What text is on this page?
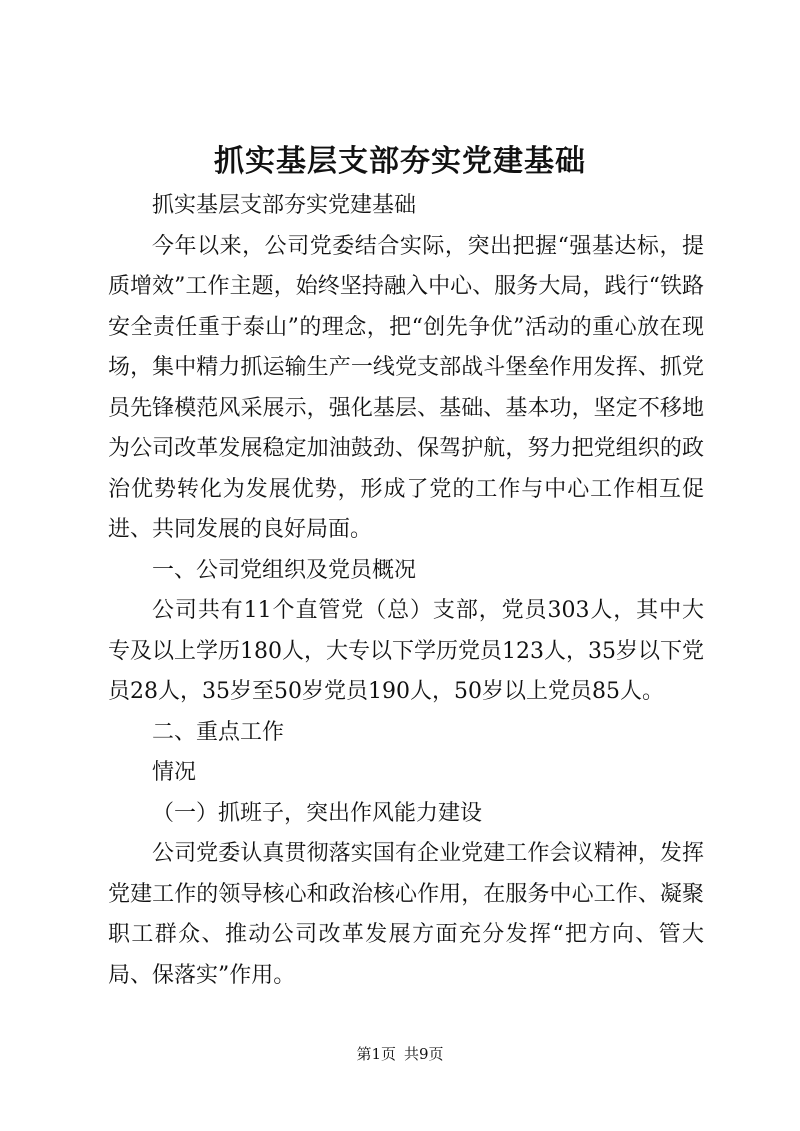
抓实基层支部夯实党建基础

抓实基层支部夯实党建基础

今年以来，公司党委结合实际，突出把握“强基达标，提质增效”工作主题，始终坚持融入中心、服务大局，践行“铁路安全责任重于泰山”的理念，把“创先争优”活动的重心放在现场，集中精力抓运输生产一线党支部战斗堡垒作用发挥、抓党员先锋模范风采展示，强化基层、基础、基本功，坚定不移地为公司改革发展稳定加油鼓劲、保驾护航，努力把党组织的政治优势转化为发展优势，形成了党的工作与中心工作相互促进、共同发展的良好局面。

一、公司党组织及党员概况

公司共有11个直管党（总）支部，党员303人，其中大专及以上学历180人，大专以下学历党员123人，35岁以下党员28人，35岁至50岁党员190人，50岁以上党员85人。

二、重点工作

情况

（一）抓班子，突出作风能力建设

公司党委认真贯彻落实国有企业党建工作会议精神，发挥党建工作的领导核心和政治核心作用，在服务中心工作、凝聚职工群众、推动公司改革发展方面充分发挥“把方向、管大局、保落实”作用。

第1页 共9页
